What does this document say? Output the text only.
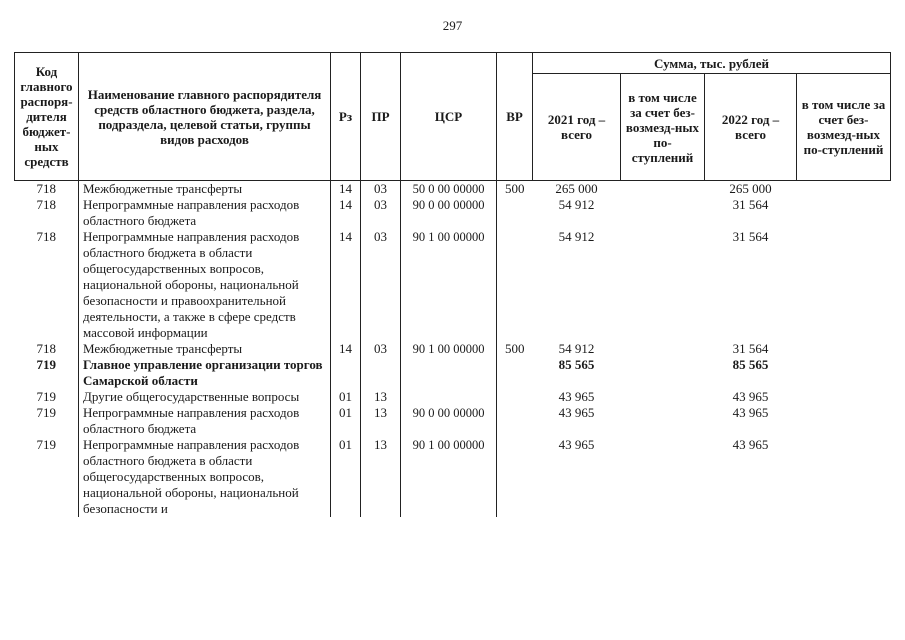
297
Код главного распоря-дителя бюджет-ных средств	Наименование главного распорядителя средств областного бюджета, раздела, подраздела, целевой статьи, группы видов расходов	Рз	ПР	ЦСР	ВР	Сумма, тыс. рублей			
						2021 год – всего	в том числе за счет без-возмезд-ных по-ступлений	2022 год – всего	в том числе за счет без-возмезд-ных по-ступлений
718	Межбюджетные трансферты	14	03	50 0 00 00000	500	265 000		265 000	
718	Непрограммные направления расходов областного бюджета	14	03	90 0 00 00000		54 912		31 564	
718	Непрограммные направления расходов областного бюджета в области общегосударственных вопросов, национальной обороны, национальной безопасности и правоохранительной деятельности, а также в сфере средств массовой информации	14	03	90 1 00 00000		54 912		31 564	
718	Межбюджетные трансферты	14	03	90 1 00 00000	500	54 912		31 564	
719	Главное управление организации торгов Самарской области					85 565		85 565	
719	Другие общегосударственные вопросы	01	13			43 965		43 965	
719	Непрограммные направления расходов областного бюджета	01	13	90 0 00 00000		43 965		43 965	
719	Непрограммные направления расходов областного бюджета в области общегосударственных вопросов, национальной обороны, национальной безопасности и	01	13	90 1 00 00000		43 965		43 965	
